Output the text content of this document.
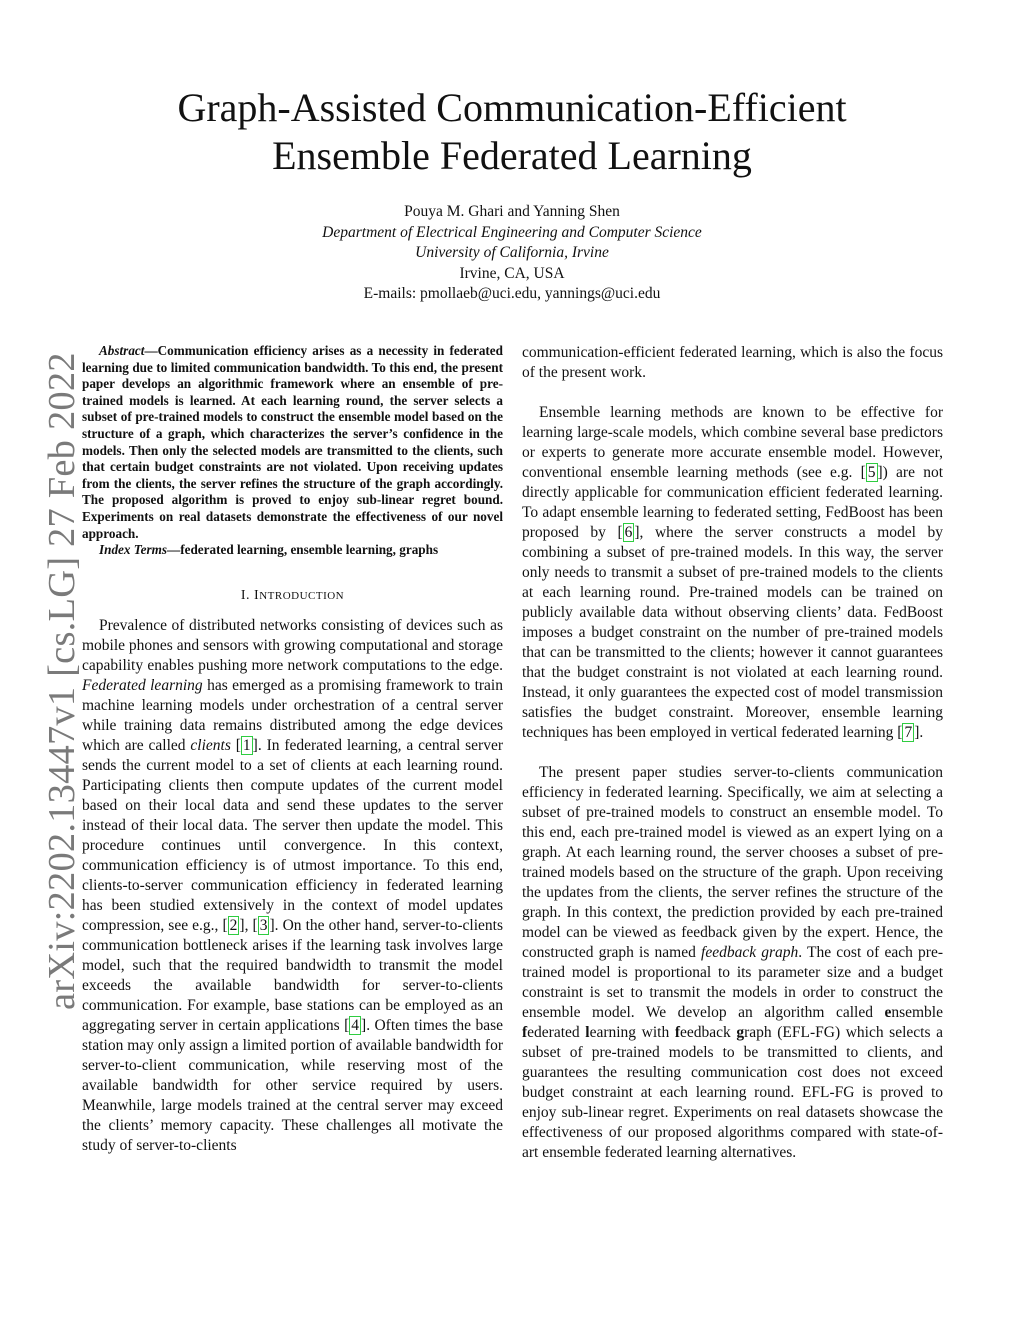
arXiv:2202.13447v1 [cs.LG] 27 Feb 2022
Graph-Assisted Communication-Efficient
Ensemble Federated Learning
Pouya M. Ghari and Yanning Shen
Department of Electrical Engineering and Computer Science
University of California, Irvine
Irvine, CA, USA
E-mails: pmollaeb@uci.edu, yannings@uci.edu

Abstract—Communication efficiency arises as a necessity in federated learning due to limited communication bandwidth. To this end, the present paper develops an algorithmic framework where an ensemble of pre-trained models is learned. At each learning round, the server selects a subset of pre-trained models to construct the ensemble model based on the structure of a graph, which characterizes the server’s confidence in the models. Then only the selected models are transmitted to the clients, such that certain budget constraints are not violated. Upon receiving updates from the clients, the server refines the structure of the graph accordingly. The proposed algorithm is proved to enjoy sub-linear regret bound. Experiments on real datasets demonstrate the effectiveness of our novel approach.

Index Terms—federated learning, ensemble learning, graphs

I. INTRODUCTION

Prevalence of distributed networks consisting of devices such as mobile phones and sensors with growing computational and storage capability enables pushing more network computations to the edge. Federated learning has emerged as a promising framework to train machine learning models under orchestration of a central server while training data remains distributed among the edge devices which are called clients [ 1 ]. In federated learning, a central server sends the current model to a set of clients at each learning round. Participating clients then compute updates of the current model based on their local data and send these updates to the server instead of their local data. The server then update the model. This procedure continues until convergence. In this context, communication efficiency is of utmost importance. To this end, clients-to-server communication efficiency in federated learning has been studied extensively in the context of model updates compression, see e.g., [ 2 ], [ 3 ]. On the other hand, server-to-clients communication bottleneck arises if the learning task involves large model, such that the required bandwidth to transmit the model exceeds the available bandwidth for server-to-clients communication. For example, base stations can be employed as an aggregating server in certain applications [ 4 ]. Often times the base station may only assign a limited portion of available bandwidth for server-to-client communication, while reserving most of the available bandwidth for other service required by users. Meanwhile, large models trained at the central server may exceed the clients’ memory capacity. These challenges all motivate the study of server-to-clients

communication-efficient federated learning, which is also the focus of the present work.

Ensemble learning methods are known to be effective for learning large-scale models, which combine several base predictors or experts to generate more accurate ensemble model. However, conventional ensemble learning methods (see e.g. [ 5 ]) are not directly applicable for communication efficient federated learning. To adapt ensemble learning to federated setting, FedBoost has been proposed by [ 6 ], where the server constructs a model by combining a subset of pre-trained models. In this way, the server only needs to transmit a subset of pre-trained models to the clients at each learning round. Pre-trained models can be trained on publicly available data without observing clients’ data. FedBoost imposes a budget constraint on the number of pre-trained models that can be transmitted to the clients; however it cannot guarantees that the budget constraint is not violated at each learning round. Instead, it only guarantees the expected cost of model transmission satisfies the budget constraint. Moreover, ensemble learning techniques has been employed in vertical federated learning [ 7 ].

The present paper studies server-to-clients communication efficiency in federated learning. Specifically, we aim at selecting a subset of pre-trained models to construct an ensemble model. To this end, each pre-trained model is viewed as an expert lying on a graph. At each learning round, the server chooses a subset of pre-trained models based on the structure of the graph. Upon receiving the updates from the clients, the server refines the structure of the graph. In this context, the prediction provided by each pre-trained model can be viewed as feedback given by the expert. Hence, the constructed graph is named feedback graph. The cost of each pre-trained model is proportional to its parameter size and a budget constraint is set to transmit the models in order to construct the ensemble model. We develop an algorithm called ensemble federated learning with feedback graph (EFL-FG) which selects a subset of pre-trained models to be transmitted to clients, and guarantees the resulting communication cost does not exceed budget constraint at each learning round. EFL-FG is proved to enjoy sub-linear regret. Experiments on real datasets showcase the effectiveness of our proposed algorithms compared with state-of-art ensemble federated learning alternatives.
